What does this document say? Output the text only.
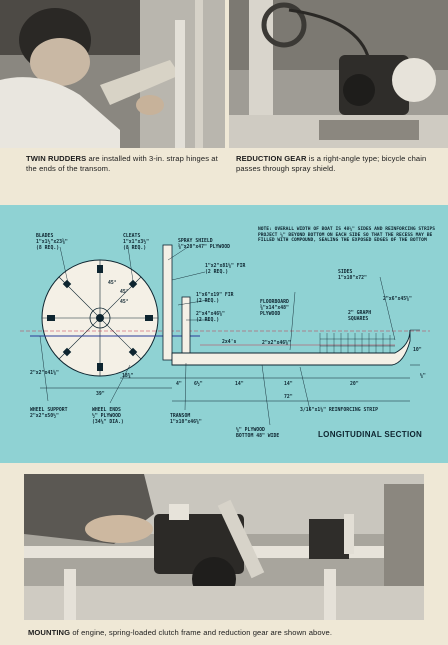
TWIN RUDDERS are installed with 3-in. strap hinges at the ends of the transom.
REDUCTION GEAR is a right-angle type; bicycle chain passes through spray shield.
BLADES
1"x1½"x23⅜"
(8 REQ.)
CLEATS
1"x1"x3½"
(8 REQ.)
SPRAY SHIELD
⅜"x20"x47" PLYWOOD
1"x2"x81⅛" FIR
(2 REQ.)
1"x6"x19" FIR
(2 REQ.)
2"x4"x46⅝"
(2 REQ.)
FLOORBOARD
⅜"x14"x48"
PLYWOOD
SIDES
1"x10"x72"
2"x6"x45⅝"
2" GRAPH
SQUARES
45°
45°
45°
2x4's	2"x2"x46⅝"
10"
¼"
18¾"
4"	6½"	14"	14"	20"
39"
72"
3/16"x1⅛" REINFORCING STRIP
2"x2"x41⅛"
WHEEL SUPPORT
2"x2"x50½"
WHEEL ENDS
½" PLYWOOD
(34⅛" DIA.)
TRANSOM
1"x10"x46⅝"
¼" PLYWOOD
BOTTOM 48" WIDE
NOTE: OVERALL WIDTH OF BOAT IS 48¼" SIDES AND REINFORCING STRIPS PROJECT ¼" BEYOND BOTTOM ON EACH SIDE SO THAT THE RECESS MAY BE FILLED WITH COMPOUND, SEALING THE EXPOSED EDGES OF THE BOTTOM
LONGITUDINAL SECTION
MOUNTING of engine, spring-loaded clutch frame and reduction gear are shown above.
